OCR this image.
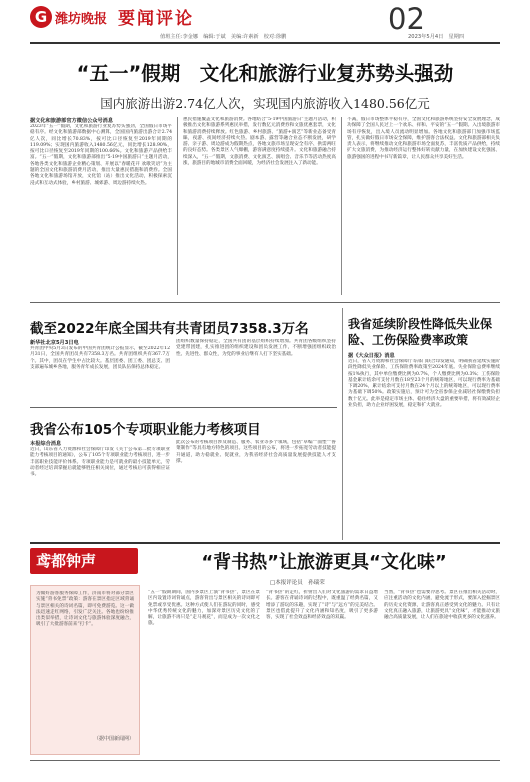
G 潍坊晚报 要闻评论	02
值班主任:李金娜　编辑:于斌　美编:许素新　校对:徐鹏	2023年5月4日　星期四
“五一”假期　文化和旅游行业复苏势头强劲
国内旅游出游2.74亿人次，实现国内旅游收入1480.56亿元
据文化和旅游部官方微信公众号消息
2023年“五一”假期，文化和旅游行业复苏势头强劲，全国假日市场平稳有序。经文化和旅游部数据中心测算，全国国内旅游出游合计2.74亿人次，同比增长70.83%，按可比口径恢复至2019年同期的119.09%；实现国内旅游收入1480.56亿元，同比增长128.90%，按可比口径恢复至2019年同期的100.66%。文化和旅游产品供给丰富。“五一”假期，文化和旅游部推出“5·19中国旅游日”主题月活动，各地各类文化和旅游企业精心策划、开展以“春暖花开 欢歌笑语”为主题的全国文化和旅游消费月活动，推出大量惠民措施和消费券。全国各地文化和旅游场馆开放，文化馆（站）推出文化活动，积极探索沉浸式和互动式体验，乡村旅游、城郊游、周边游持续火热。
惠民措施覆盖文化和旅游消费。各地结合“5·19中国旅游日”主题月活动，积极推出文化和旅游系列惠民举措，发行数亿元消费券和文旅优惠套票，文化和旅游消费持续释放。红色旅游、乡村旅游、“旅游+演艺”等新业态备受青睐，夜游、夜间经济持续火热。剧本游、露营等融合业态不断发展，研学游、亲子游、周边游成为假期热点，各地文旅市场呈现安全有序、供需两旺的良好态势。各类景区人气爆棚，游客满意度持续提升。文化和旅游融合持续深入，“五一”假期，文旅消费、文化演艺、演唱会、音乐节等活动热度高涨，旅游目的地城市消费全面回暖，为经济社会发展注入了新动能。
不减，假日市场整体平稳有序，全国文化和旅游系统坚持安全发展理念，成功保障了全国人民过上一个欢乐、祥和、平安的“五一”假期。入出境旅游市场有序恢复，出入境人员流动明显增加。各地文化和旅游部门加强市场监管，扎实做好假日市场安全保障，维护游客合法权益。文化和旅游部相关负责人表示，将继续推动文化和旅游市场全面复苏，丰富优质产品供给，持续扩大文旅消费，为推动经济运行整体好转贡献力量，在加快建设文化强国、旅游强国的进程中书写新篇章，让人民群众共享美好生活。
截至2022年底全国共有共青团员7358.3万名
新华社北京5月3日电
共青团中央5月3日发布的中国共青团统计公报显示，截至2022年12月31日，全国共青团员共有7358.3万名。共青团组织共有367.7万个。其中，团员在学生中占比较大。基层团委、团工委、团总支、团支部遍布城乡各地，服务青年成长发展，团员队伍保持总体稳定。
团组织数量保持稳定，全国共有团的基层组织持续增加。共青团各级组织坚持党建带团建，扎实推进团的组织建设和团员发展工作，不断增强团组织政治性、先进性、群众性，为党的事业后继有人打下坚实基础。
我省公布105个专项职业能力考核项目
本报综合消息
近日，山东省人力资源和社会保障厅印发《关于公布第二批专项职业能力考核项目的通知》，公布了105个专项职业能力考核项目，进一步丰富职业技能评价体系。专项职业能力是可就业的最小技能单元，劳动者经过培训掌握后就能够胜任相关岗位，通过考核后可获得相应证书。
此次公布的考核项目涉及制造、服务、农业等多个领域，包括“草编”“面塑”“鲁菜制作”等具有地方特色的项目。这些项目的公布，将进一步拓宽劳动者技能提升通道，助力稳就业、促就业，为我省经济社会高质量发展提供技能人才支撑。
我省延续阶段性降低失业保险、工伤保险费率政策
据《大众日报》消息
近日，省人力资源和社会保障厅等部门联合印发通知，明确我省延续实施阶段性降低失业保险、工伤保险费率政策至2024年底。失业保险总费率继续按1%执行，其中单位缴费比例为0.7%，个人缴费比例为0.3%；工伤保险基金累计结余可支付月数在18至23个月的统筹地区，可以现行费率为基础下调20%，累计结余可支付月数在24个月以上的统筹地区，可以现行费率为基础下调50%。政策实施后，预计可为全省参保企业减轻社保缴费负担数十亿元。此举是稳定市场主体、稳住经济大盘的重要举措，将有效减轻企业负担，助力企业纾困发展，稳定和扩大就业。
鸢都钟声	“背书热”让旅游更具“文化味”
□本报评论员　孙瑞荣
为做好游客服务保障工作，济南市将对部分景区实施“背书免票”政策：游客在景区指定区域背诵与景区相关的诗词名篇，即可免费游览。这一做法迅速走红网络，引发广泛关注。各地也纷纷推出类似举措，让诗词文化与旅游体验深度融合，吸引了大批游客前来“打卡”。
（据中国新闻网）
“五一”假期期间，国内多景区上演“背书热”，景区在景区内设置诗词背诵点，游客背出与景区相关的诗词即可免票或享受优惠。这种方式使人们在游玩的同时，感受中华优秀传统文化的魅力，加深对景区历史文化的了解，让旅游不再只是“走马观花”，而是成为一次文化之旅。
“背书热”的走红，折射出人们对文化旅游的需求日益增长。游客在背诵诗词的过程中，既重温了经典名篇，又增添了游玩的乐趣，实现了“诗”与“远方”的完美结合。景区也借此提升了文化内涵和知名度，吸引了更多游客，实现了社会效益和经济效益的双赢。
当然，“背书热”也需要冷思考。景区在推出相关活动时，应注重活动的文化内涵，避免流于形式，要深入挖掘景区的历史文化资源，让游客真正感受到文化的魅力。只有让文化真正融入旅游，让旅游更具“文化味”，才能推动文旅融合高质量发展，让人们在旅途中收获更多的文化滋养。
